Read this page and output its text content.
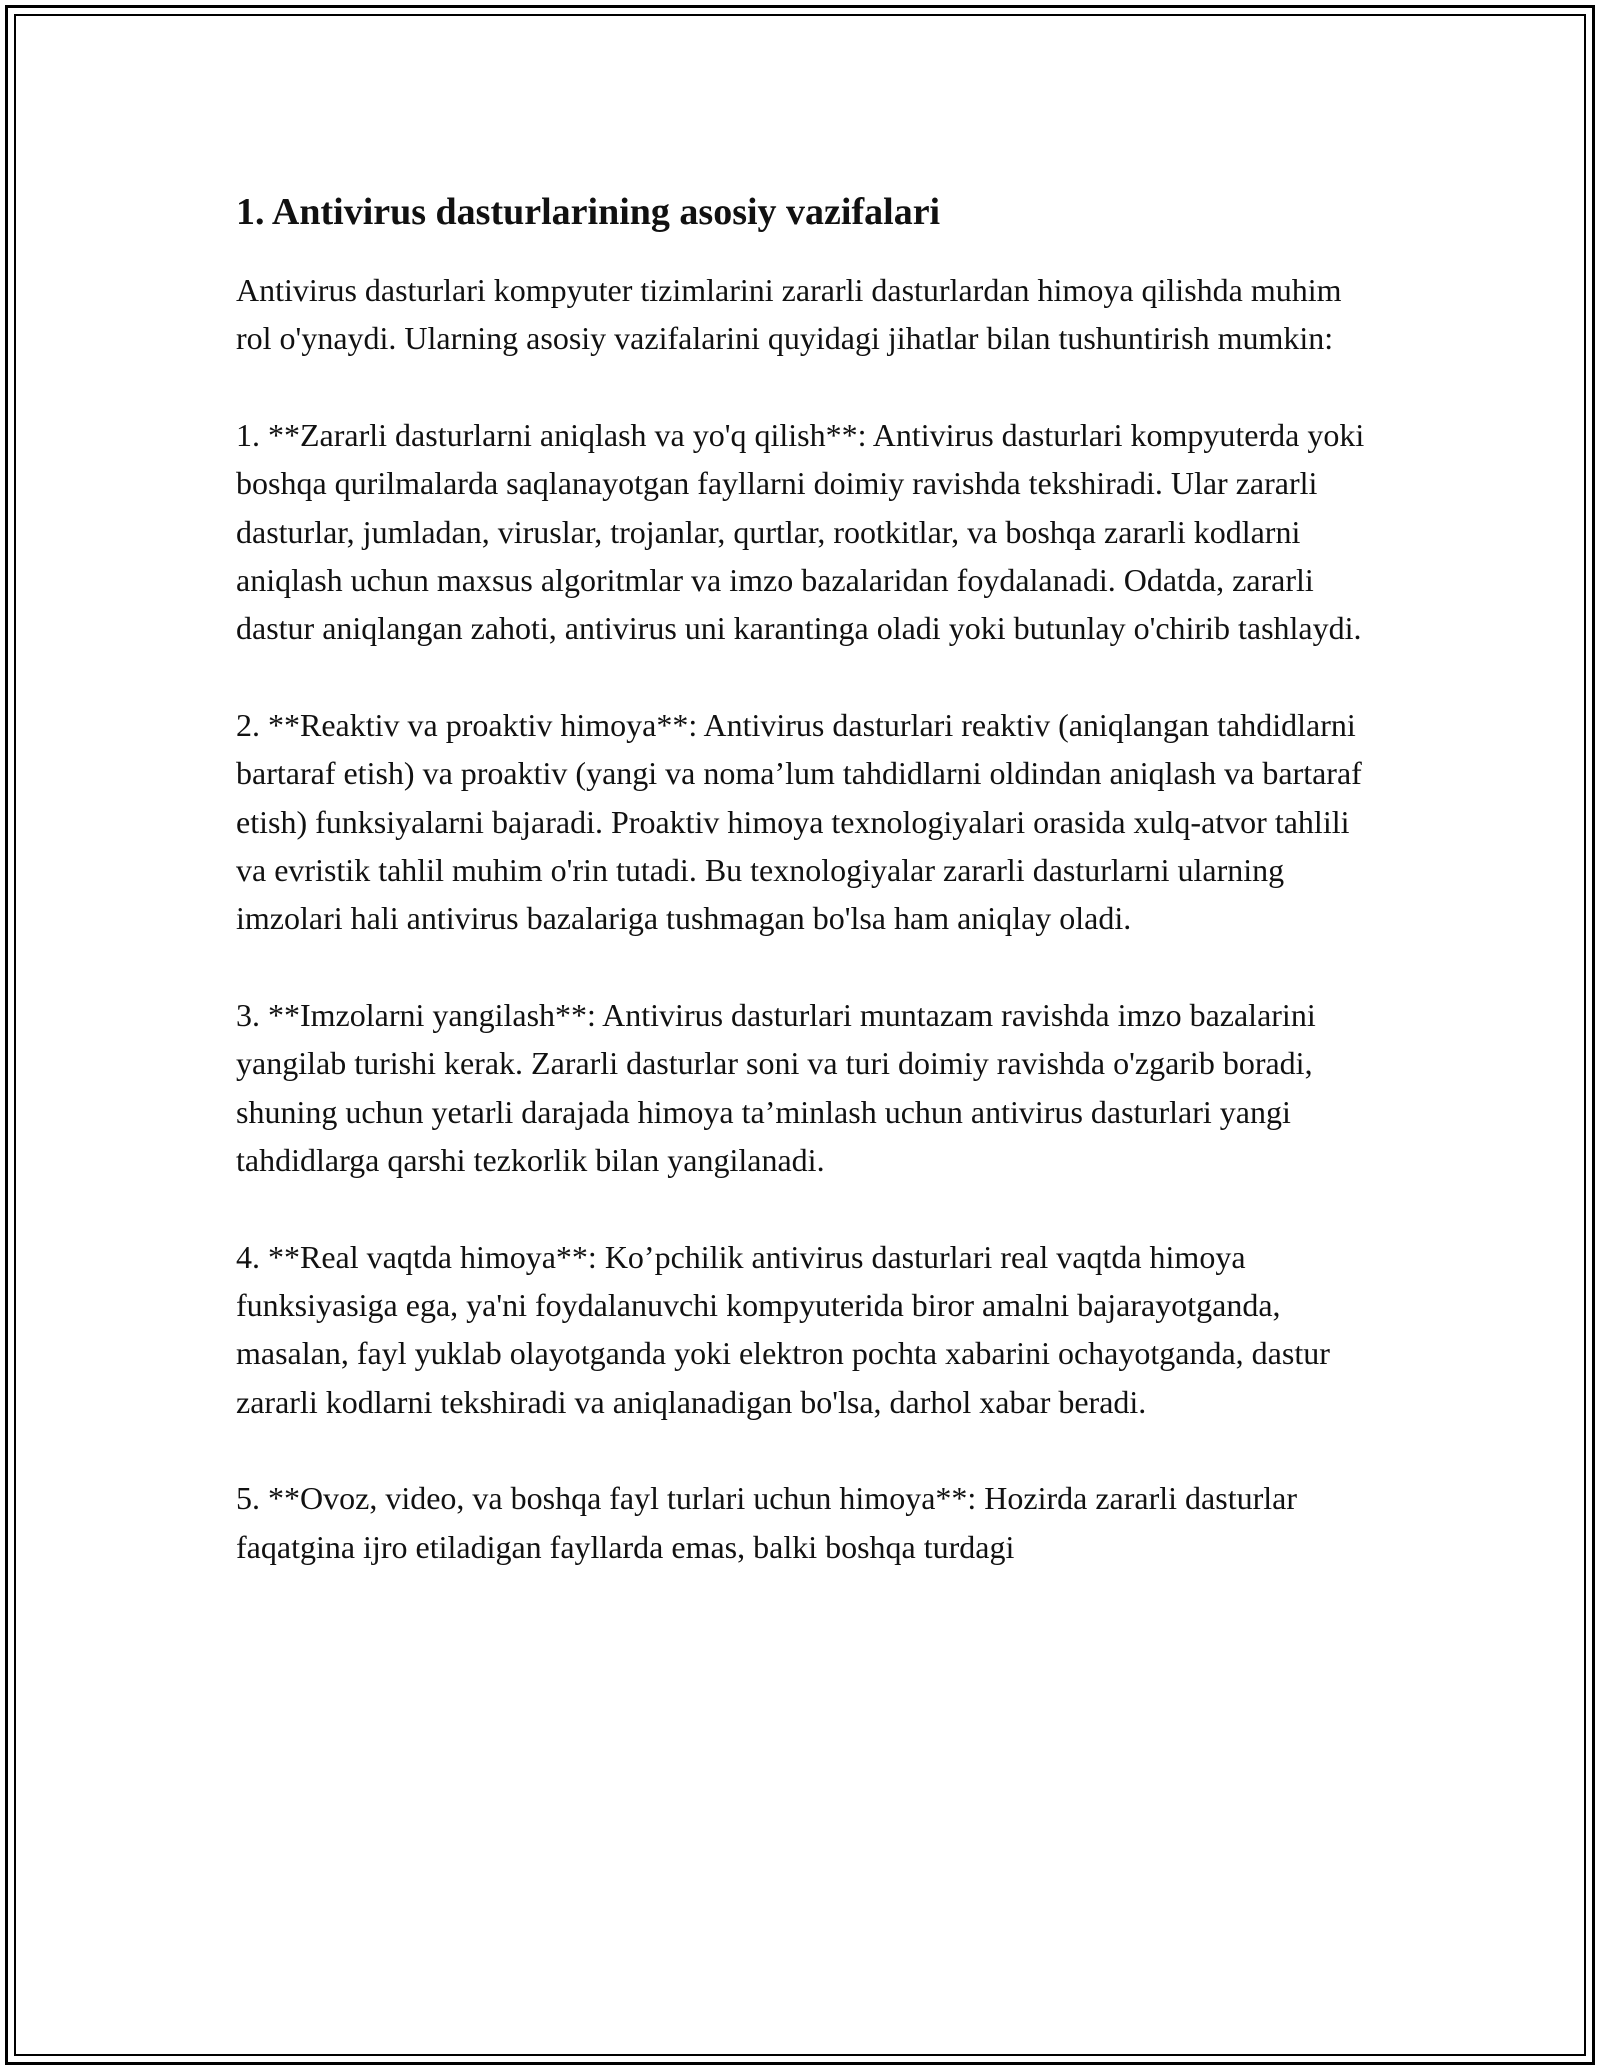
1. Antivirus dasturlarining asosiy vazifalari

Antivirus dasturlari kompyuter tizimlarini zararli dasturlardan himoya qilishda muhim rol o'ynaydi. Ularning asosiy vazifalarini quyidagi jihatlar bilan tushuntirish mumkin:

1. **Zararli dasturlarni aniqlash va yo'q qilish**: Antivirus dasturlari kompyuterda yoki boshqa qurilmalarda saqlanayotgan fayllarni doimiy ravishda tekshiradi. Ular zararli dasturlar, jumladan, viruslar, trojanlar, qurtlar, rootkitlar, va boshqa zararli kodlarni aniqlash uchun maxsus algoritmlar va imzo bazalaridan foydalanadi. Odatda, zararli dastur aniqlangan zahoti, antivirus uni karantinga oladi yoki butunlay o'chirib tashlaydi.

2. **Reaktiv va proaktiv himoya**: Antivirus dasturlari reaktiv (aniqlangan tahdidlarni bartaraf etish) va proaktiv (yangi va noma’lum tahdidlarni oldindan aniqlash va bartaraf etish) funksiyalarni bajaradi. Proaktiv himoya texnologiyalari orasida xulq-atvor tahlili va evristik tahlil muhim o'rin tutadi. Bu texnologiyalar zararli dasturlarni ularning imzolari hali antivirus bazalariga tushmagan bo'lsa ham aniqlay oladi.

3. **Imzolarni yangilash**: Antivirus dasturlari muntazam ravishda imzo bazalarini yangilab turishi kerak. Zararli dasturlar soni va turi doimiy ravishda o'zgarib boradi, shuning uchun yetarli darajada himoya ta’minlash uchun antivirus dasturlari yangi tahdidlarga qarshi tezkorlik bilan yangilanadi.

4. **Real vaqtda himoya**: Ko’pchilik antivirus dasturlari real vaqtda himoya funksiyasiga ega, ya'ni foydalanuvchi kompyuterida biror amalni bajarayotganda, masalan, fayl yuklab olayotganda yoki elektron pochta xabarini ochayotganda, dastur zararli kodlarni tekshiradi va aniqlanadigan bo'lsa, darhol xabar beradi.

5. **Ovoz, video, va boshqa fayl turlari uchun himoya**: Hozirda zararli dasturlar faqatgina ijro etiladigan fayllarda emas, balki boshqa turdagi
